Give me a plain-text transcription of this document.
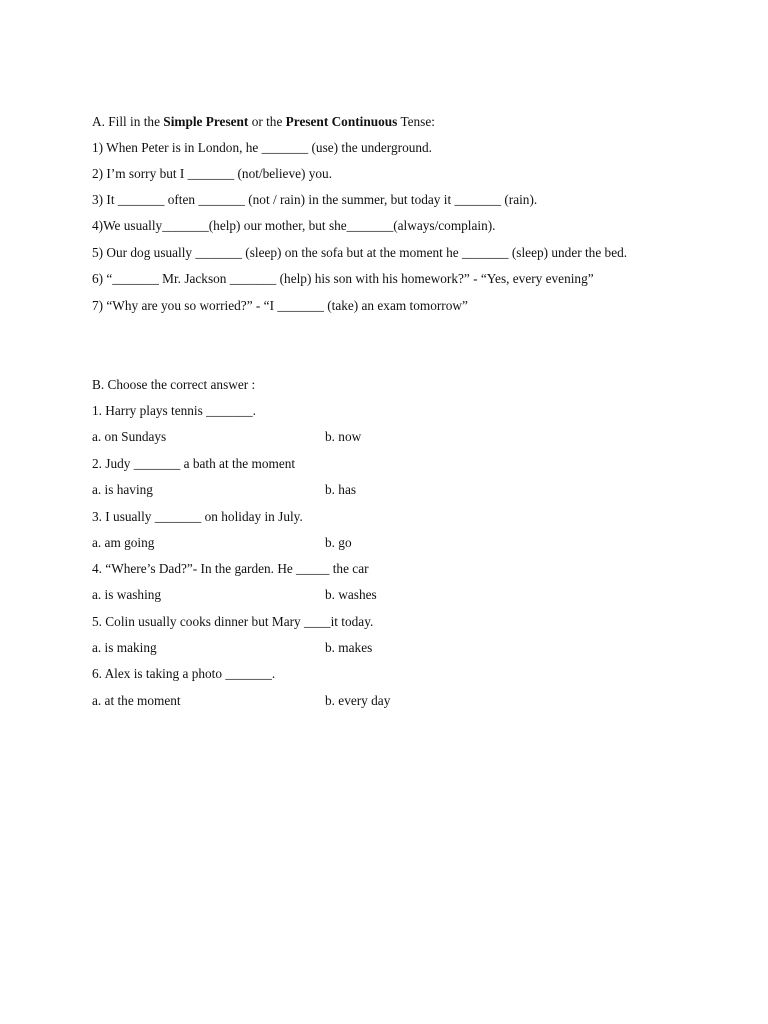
A. Fill in the Simple Present or the Present Continuous Tense:
1) When Peter is in London, he _______ (use) the underground.
2) I’m sorry but I _______ (not/believe) you.
3) It _______ often _______ (not / rain) in the summer, but today it _______ (rain).
4)We usually_______(help) our mother, but she_______(always/complain).
5) Our dog usually _______ (sleep) on the sofa but at the moment he _______ (sleep) under the bed.
6) “_______ Mr. Jackson _______ (help) his son with his homework?” - “Yes, every evening”
7) “Why are you so worried?” - “I _______ (take) an exam tomorrow”
B. Choose the correct answer :
1. Harry plays tennis _______.
a. on Sundays	b. now
2. Judy _______ a bath at the moment
a. is having	b. has
3. I usually _______ on holiday in July.
a. am going	b. go
4. “Where’s Dad?”- In the garden. He _____ the car
a. is washing	b. washes
5. Colin usually cooks dinner but Mary ____it today.
a. is making	b. makes
6. Alex is taking a photo _______.
a. at the moment	b. every day
